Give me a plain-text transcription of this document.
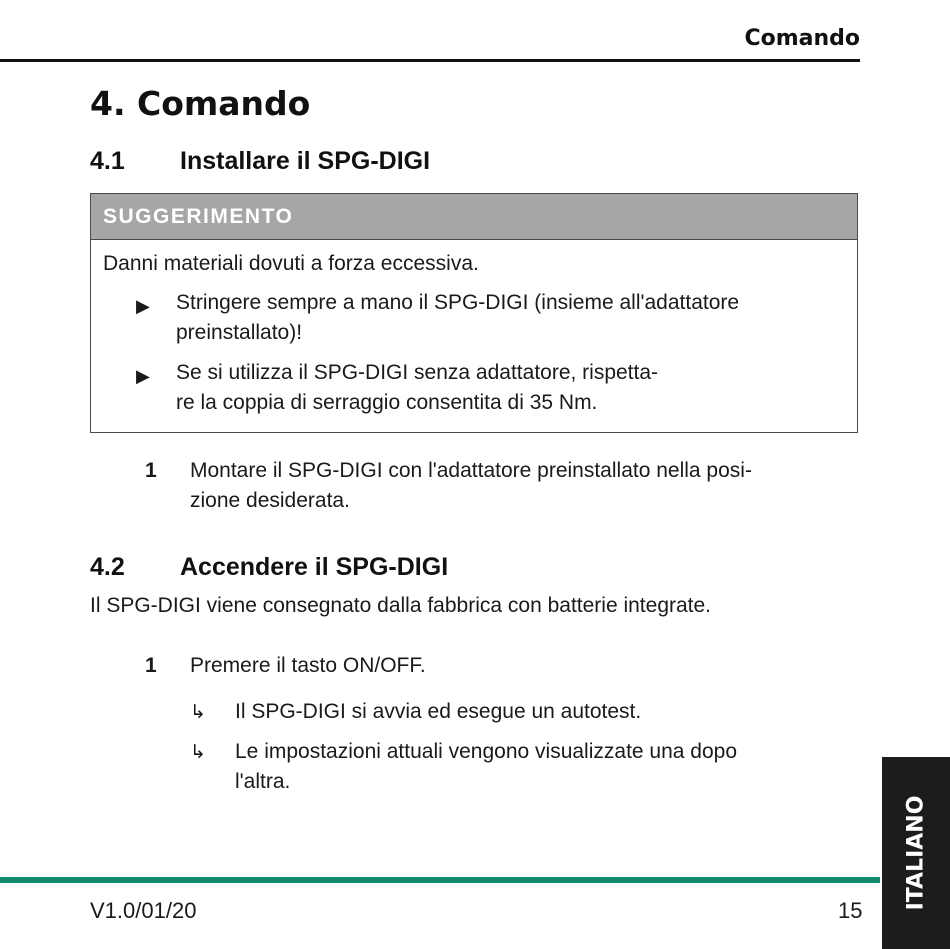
Comando
4. Comando
4.1 Installare il SPG-DIGI
SUGGERIMENTO
Danni materiali dovuti a forza eccessiva.
▶ Stringere sempre a mano il SPG-DIGI (insieme all'adattatore
preinstallato)!
▶ Se si utilizza il SPG-DIGI senza adattatore, rispetta-
re la coppia di serraggio consentita di 35 Nm.
1 Montare il SPG-DIGI con l'adattatore preinstallato nella posi-
zione desiderata.
4.2 Accendere il SPG-DIGI
Il SPG-DIGI viene consegnato dalla fabbrica con batterie integrate.
1 Premere il tasto ON/OFF.
↳ Il SPG-DIGI si avvia ed esegue un autotest.
↳ Le impostazioni attuali vengono visualizzate una dopo
l'altra.
V1.0/01/20	15
ITALIANO
